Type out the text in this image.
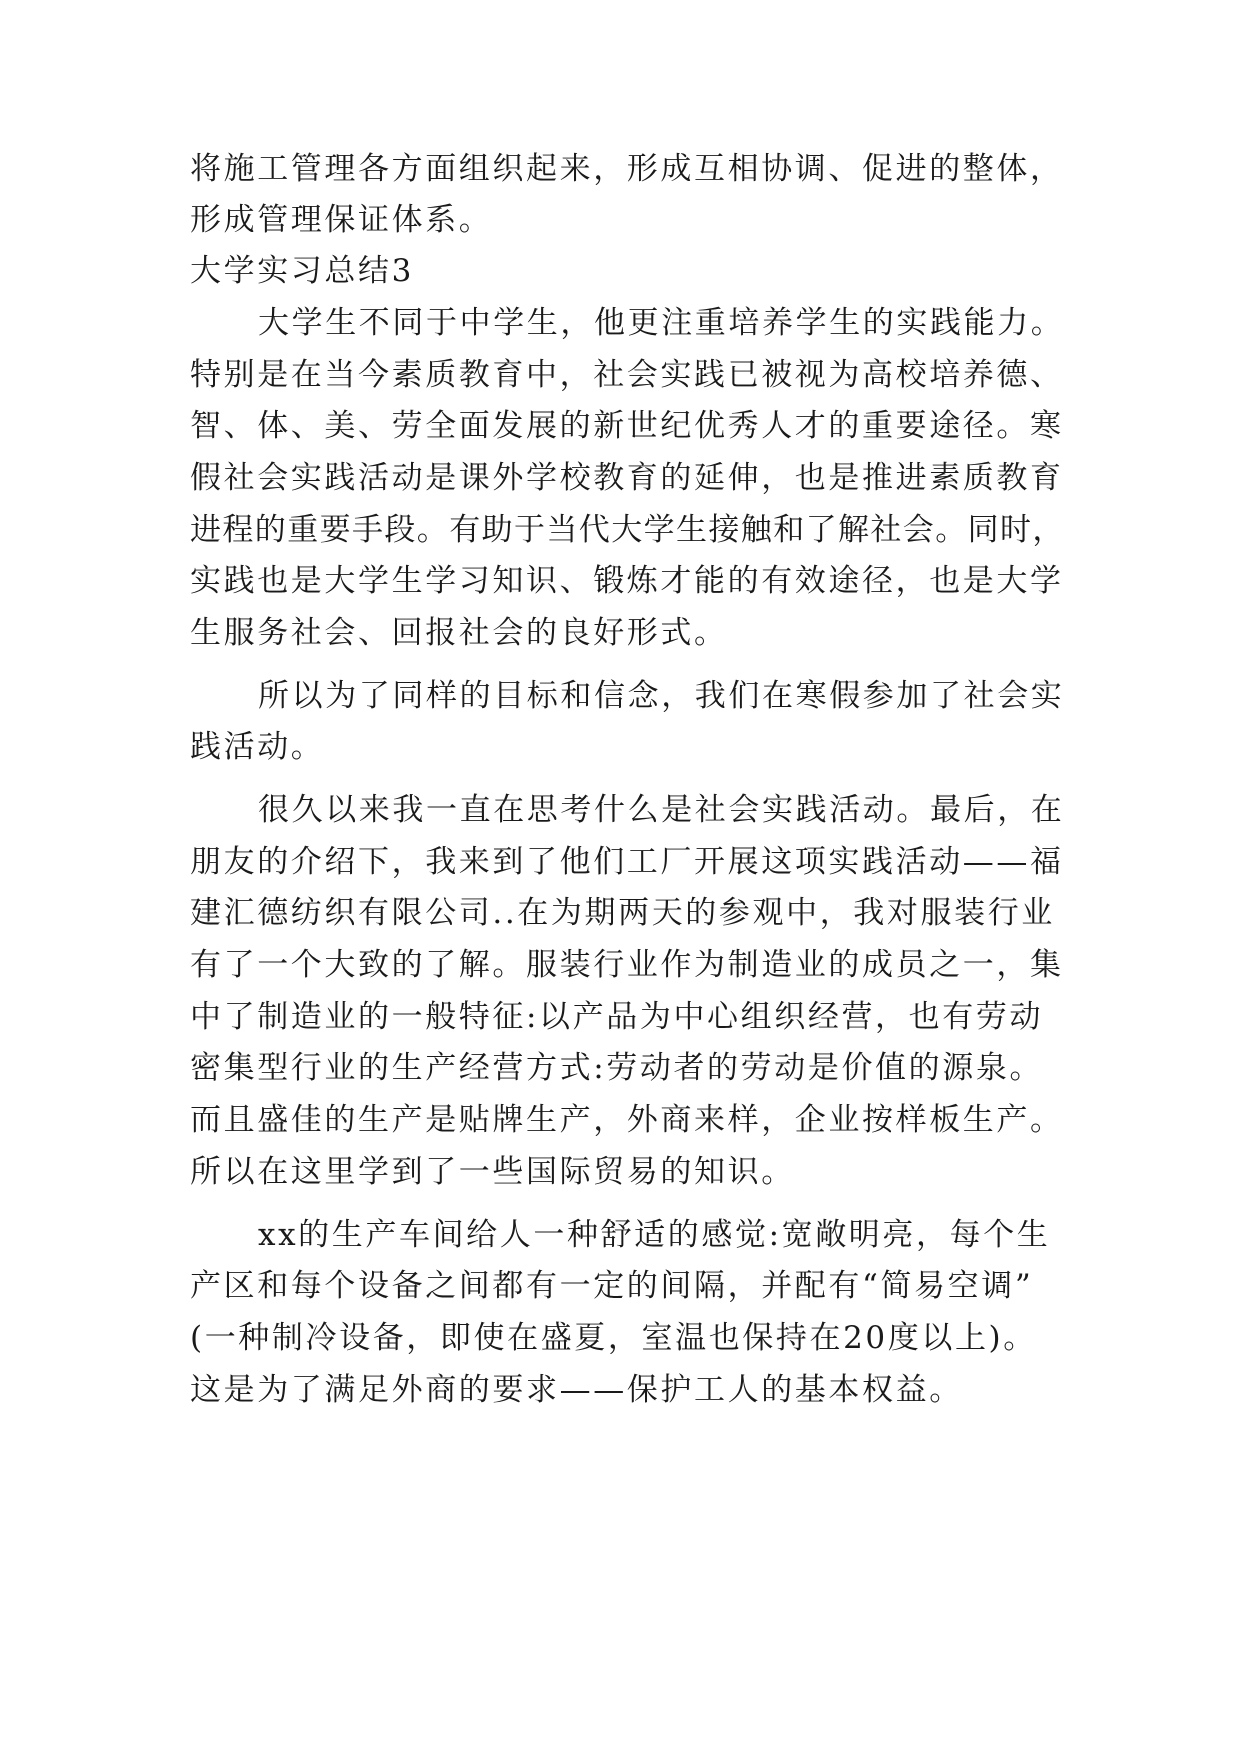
将施工管理各方面组织起来，形成互相协调、促进的整体，
形成管理保证体系。
大学实习总结3
大学生不同于中学生，他更注重培养学生的实践能力。
特别是在当今素质教育中，社会实践已被视为高校培养德、
智、体、美、劳全面发展的新世纪优秀人才的重要途径。寒
假社会实践活动是课外学校教育的延伸，也是推进素质教育
进程的重要手段。有助于当代大学生接触和了解社会。同时，
实践也是大学生学习知识、锻炼才能的有效途径，也是大学
生服务社会、回报社会的良好形式。
所以为了同样的目标和信念，我们在寒假参加了社会实
践活动。
很久以来我一直在思考什么是社会实践活动。最后，在
朋友的介绍下，我来到了他们工厂开展这项实践活动——福
建汇德纺织有限公司..在为期两天的参观中，我对服装行业
有了一个大致的了解。服装行业作为制造业的成员之一，集
中了制造业的一般特征:以产品为中心组织经营，也有劳动
密集型行业的生产经营方式:劳动者的劳动是价值的源泉。
而且盛佳的生产是贴牌生产，外商来样，企业按样板生产。
所以在这里学到了一些国际贸易的知识。
xx的生产车间给人一种舒适的感觉:宽敞明亮，每个生
产区和每个设备之间都有一定的间隔，并配有“简易空调”
(一种制冷设备，即使在盛夏，室温也保持在20度以上)。
这是为了满足外商的要求——保护工人的基本权益。
